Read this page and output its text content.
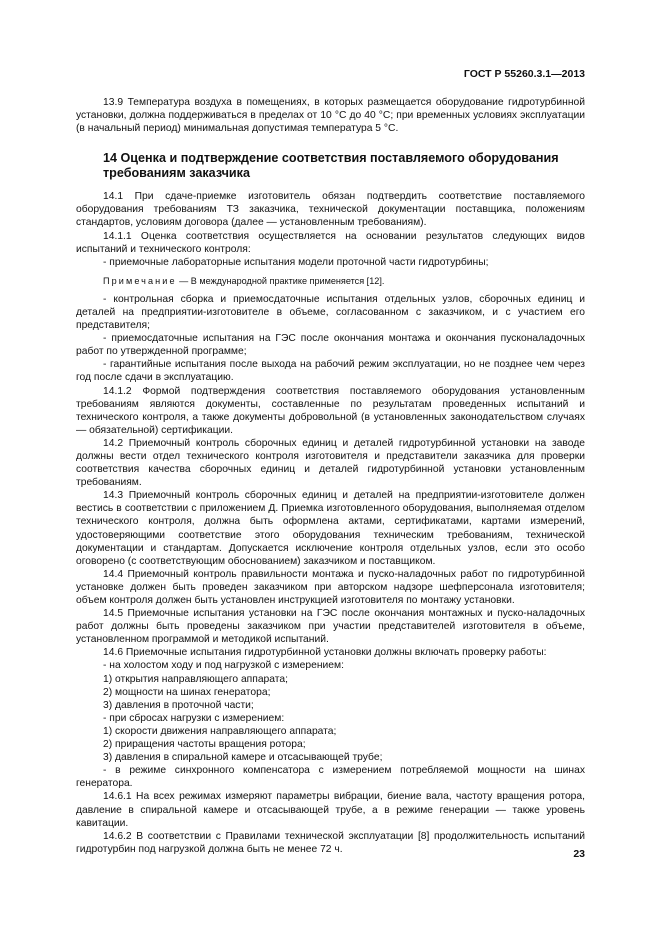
ГОСТ Р 55260.3.1—2013

13.9 Температура воздуха в помещениях, в которых размещается оборудование гидротурбинной установки, должна поддерживаться в пределах от 10 °С до 40 °С; при временных условиях эксплуатации (в начальный период) минимальная допустимая температура 5 °С.

14 Оценка и подтверждение соответствия поставляемого оборудования требованиям заказчика

14.1 При сдаче-приемке изготовитель обязан подтвердить соответствие поставляемого оборудования требованиям ТЗ заказчика, технической документации поставщика, положениям стандартов, условиям договора (далее — установленным требованиям).

14.1.1 Оценка соответствия осуществляется на основании результатов следующих видов испытаний и технического контроля:

- приемочные лабораторные испытания модели проточной части гидротурбины;

Примечание — В международной практике применяется [12].

- контрольная сборка и приемосдаточные испытания отдельных узлов, сборочных единиц и деталей на предприятии-изготовителе в объеме, согласованном с заказчиком, и с участием его представителя;

- приемосдаточные испытания на ГЭС после окончания монтажа и окончания пусконаладочных работ по утвержденной программе;

- гарантийные испытания после выхода на рабочий режим эксплуатации, но не позднее чем через год после сдачи в эксплуатацию.

14.1.2 Формой подтверждения соответствия поставляемого оборудования установленным требованиям являются документы, составленные по результатам проведенных испытаний и технического контроля, а также документы добровольной (в установленных законодательством случаях — обязательной) сертификации.

14.2 Приемочный контроль сборочных единиц и деталей гидротурбинной установки на заводе должны вести отдел технического контроля изготовителя и представители заказчика для проверки соответствия качества сборочных единиц и деталей гидротурбинной установки установленным требованиям.

14.3 Приемочный контроль сборочных единиц и деталей на предприятии-изготовителе должен вестись в соответствии с приложением Д. Приемка изготовленного оборудования, выполняемая отделом технического контроля, должна быть оформлена актами, сертификатами, картами измерений, удостоверяющими соответствие этого оборудования техническим требованиям, технической документации и стандартам. Допускается исключение контроля отдельных узлов, если это особо оговорено (с соответствующим обоснованием) заказчиком и поставщиком.

14.4 Приемочный контроль правильности монтажа и пуско-наладочных работ по гидротурбинной установке должен быть проведен заказчиком при авторском надзоре шефперсонала изготовителя; объем контроля должен быть установлен инструкцией изготовителя по монтажу установки.

14.5 Приемочные испытания установки на ГЭС после окончания монтажных и пуско-наладочных работ должны быть проведены заказчиком при участии представителей изготовителя в объеме, установленном программой и методикой испытаний.

14.6 Приемочные испытания гидротурбинной установки должны включать проверку работы:

- на холостом ходу и под нагрузкой с измерением:

1) открытия направляющего аппарата;

2) мощности на шинах генератора;

3) давления в проточной части;

- при сбросах нагрузки с измерением:

1) скорости движения направляющего аппарата;

2) приращения частоты вращения ротора;

3) давления в спиральной камере и отсасывающей трубе;

- в режиме синхронного компенсатора с измерением потребляемой мощности на шинах генератора.

14.6.1 На всех режимах измеряют параметры вибрации, биение вала, частоту вращения ротора, давление в спиральной камере и отсасывающей трубе, а в режиме генерации — также уровень кавитации.

14.6.2 В соответствии с Правилами технической эксплуатации [8] продолжительность испытаний гидротурбин под нагрузкой должна быть не менее 72 ч.	23
